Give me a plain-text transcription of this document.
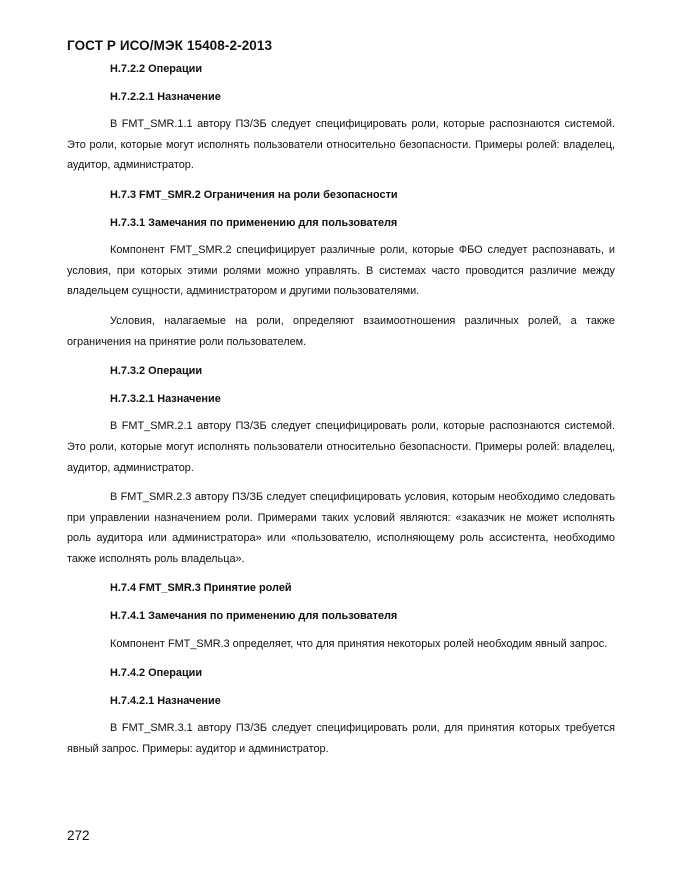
ГОСТ Р ИСО/МЭК 15408-2-2013

H.7.2.2 Операции

H.7.2.2.1 Назначение

В FMT_SMR.1.1 автору ПЗ/ЗБ следует специфицировать роли, которые распознаются системой. Это роли, которые могут исполнять пользователи относительно безопасности. Примеры ролей: владелец, аудитор, администратор.

H.7.3 FMT_SMR.2 Ограничения на роли безопасности

H.7.3.1 Замечания по применению для пользователя

Компонент FMT_SMR.2 специфицирует различные роли, которые ФБО следует распознавать, и условия, при которых этими ролями можно управлять. В системах часто проводится различие между владельцем сущности, администратором и другими пользователями.

Условия, налагаемые на роли, определяют взаимоотношения различных ролей, а также ограничения на принятие роли пользователем.

H.7.3.2 Операции

H.7.3.2.1 Назначение

В FMT_SMR.2.1 автору ПЗ/ЗБ следует специфицировать роли, которые распознаются системой. Это роли, которые могут исполнять пользователи относительно безопасности. Примеры ролей: владелец, аудитор, администратор.

В FMT_SMR.2.3 автору ПЗ/ЗБ следует специфицировать условия, которым необходимо следовать при управлении назначением роли. Примерами таких условий являются: «заказчик не может исполнять роль аудитора или администратора» или «пользователю, исполняющему роль ассистента, необходимо также исполнять роль владельца».

H.7.4 FMT_SMR.3 Принятие ролей

H.7.4.1 Замечания по применению для пользователя

Компонент FMT_SMR.3 определяет, что для принятия некоторых ролей необходим явный запрос.

H.7.4.2 Операции

H.7.4.2.1 Назначение

В FMT_SMR.3.1 автору ПЗ/ЗБ следует специфицировать роли, для принятия которых требуется явный запрос. Примеры: аудитор и администратор.

272
